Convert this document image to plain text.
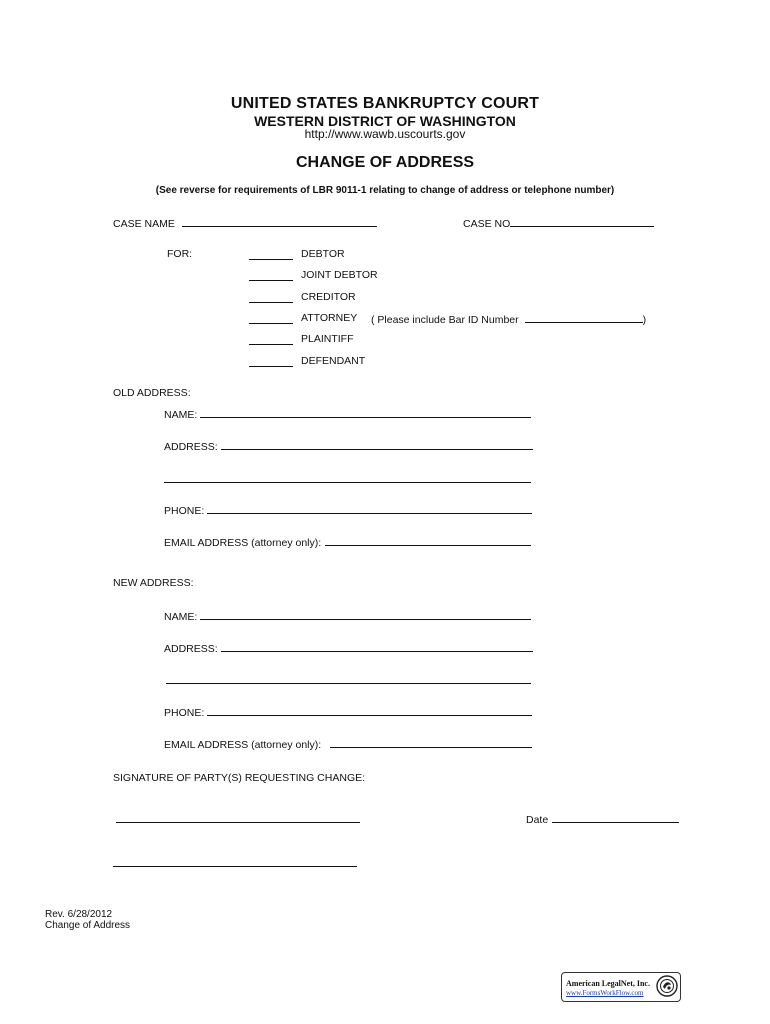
UNITED STATES BANKRUPTCY COURT
WESTERN DISTRICT OF WASHINGTON
http://www.wawb.uscourts.gov
CHANGE OF ADDRESS
(See reverse for requirements of LBR 9011-1 relating to change of address or telephone number)
CASE NAME	CASE NO
FOR:	DEBTOR
JOINT DEBTOR
CREDITOR
ATTORNEY ( Please include Bar ID Number	)
PLAINTIFF
DEFENDANT
OLD ADDRESS:
NAME:
ADDRESS:
PHONE:
EMAIL ADDRESS (attorney only):
NEW ADDRESS:
NAME:
ADDRESS:
PHONE:
EMAIL ADDRESS (attorney only):
SIGNATURE OF PARTY(S) REQUESTING CHANGE:
Date
Rev. 6/28/2012
Change of Address
American LegalNet, Inc.
www.FormsWorkFlow.com
